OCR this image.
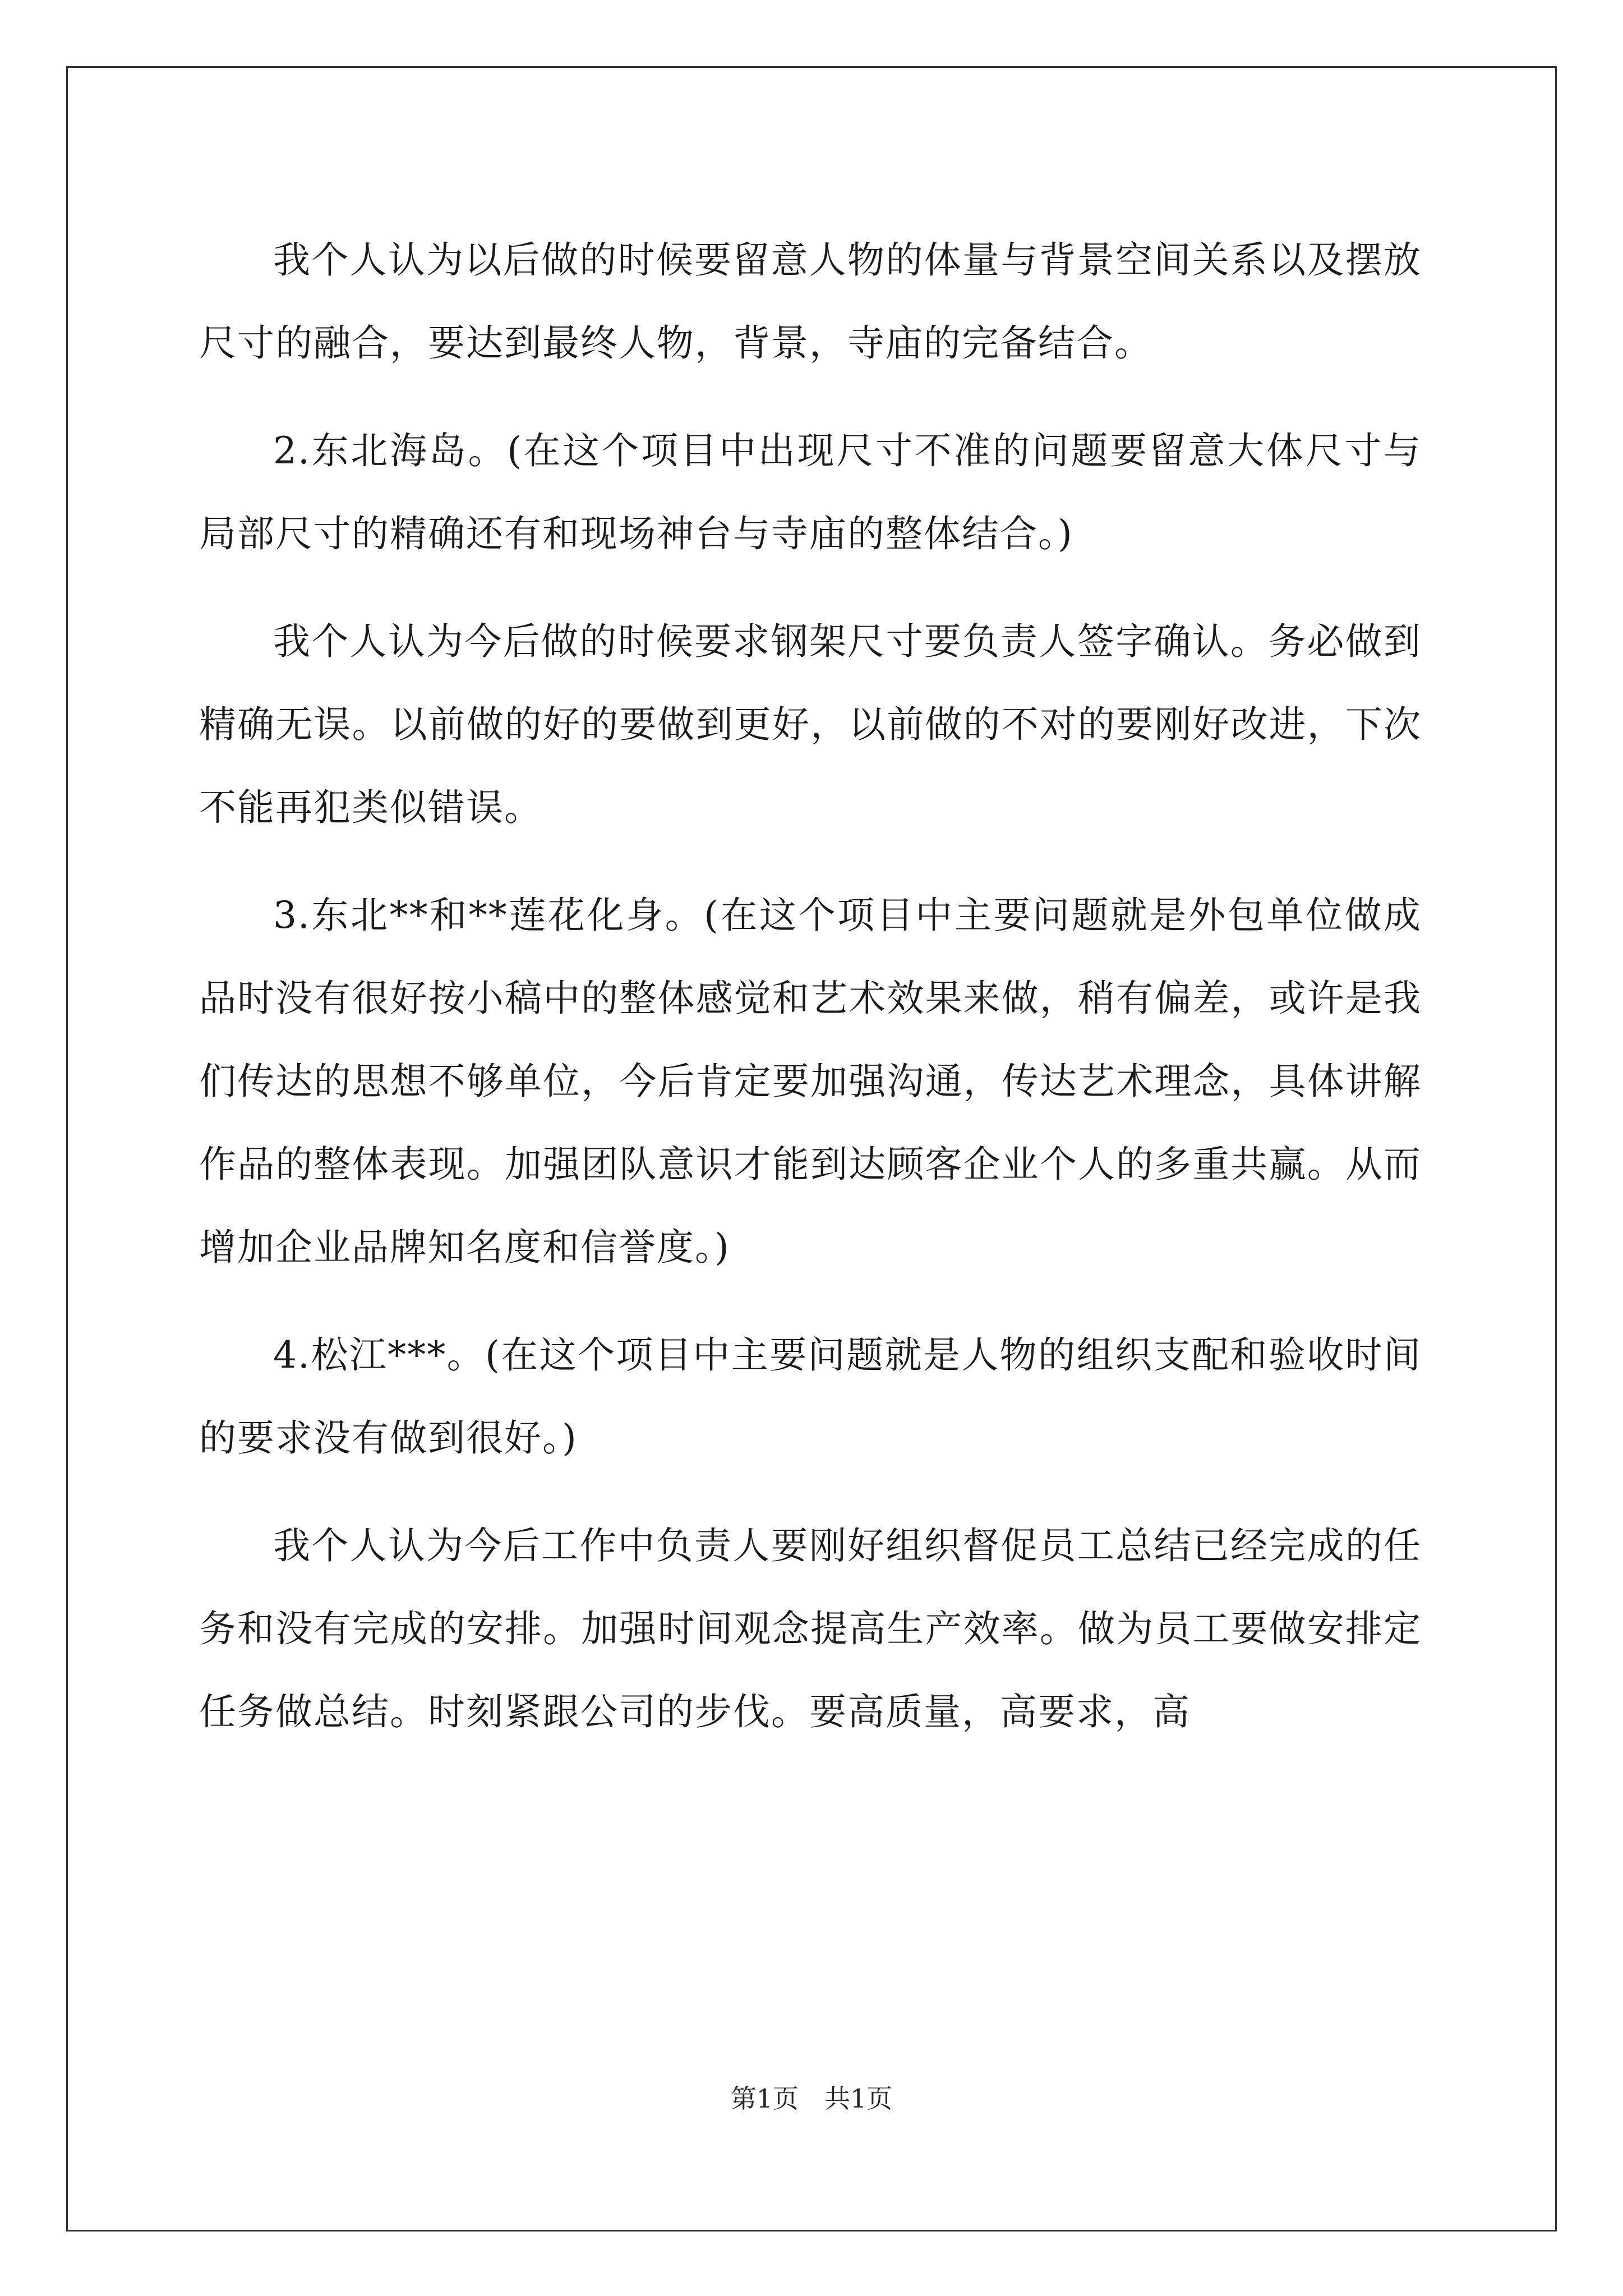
我个人认为以后做的时候要留意人物的体量与背景空间关系以及摆放尺寸的融合，要达到最终人物，背景，寺庙的完备结合。

2.东北海岛。(在这个项目中出现尺寸不准的问题要留意大体尺寸与局部尺寸的精确还有和现场神台与寺庙的整体结合。)

我个人认为今后做的时候要求钢架尺寸要负责人签字确认。务必做到精确无误。以前做的好的要做到更好，以前做的不对的要刚好改进，下次不能再犯类似错误。

3.东北**和**莲花化身。(在这个项目中主要问题就是外包单位做成品时没有很好按小稿中的整体感觉和艺术效果来做，稍有偏差，或许是我们传达的思想不够单位，今后肯定要加强沟通，传达艺术理念，具体讲解作品的整体表现。加强团队意识才能到达顾客企业个人的多重共赢。从而增加企业品牌知名度和信誉度。)

4.松江***。(在这个项目中主要问题就是人物的组织支配和验收时间的要求没有做到很好。)

我个人认为今后工作中负责人要刚好组织督促员工总结已经完成的任务和没有完成的安排。加强时间观念提高生产效率。做为员工要做安排定任务做总结。时刻紧跟公司的步伐。要高质量，高要求，高

第1页　共1页
